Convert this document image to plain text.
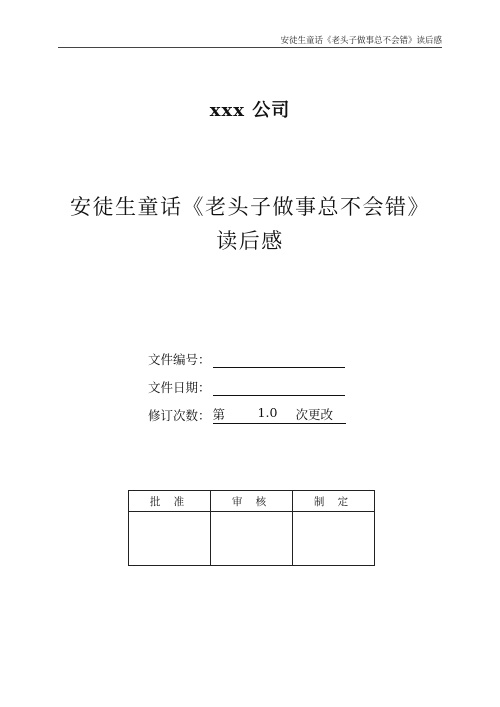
安徒生童话《老头子做事总不会错》读后感
xxx 公司
安徒生童话《老头子做事总不会错》
读后感
文件编号：
文件日期：
修订次数： 第	1.0	次更改
批 准	审 核	制 定
